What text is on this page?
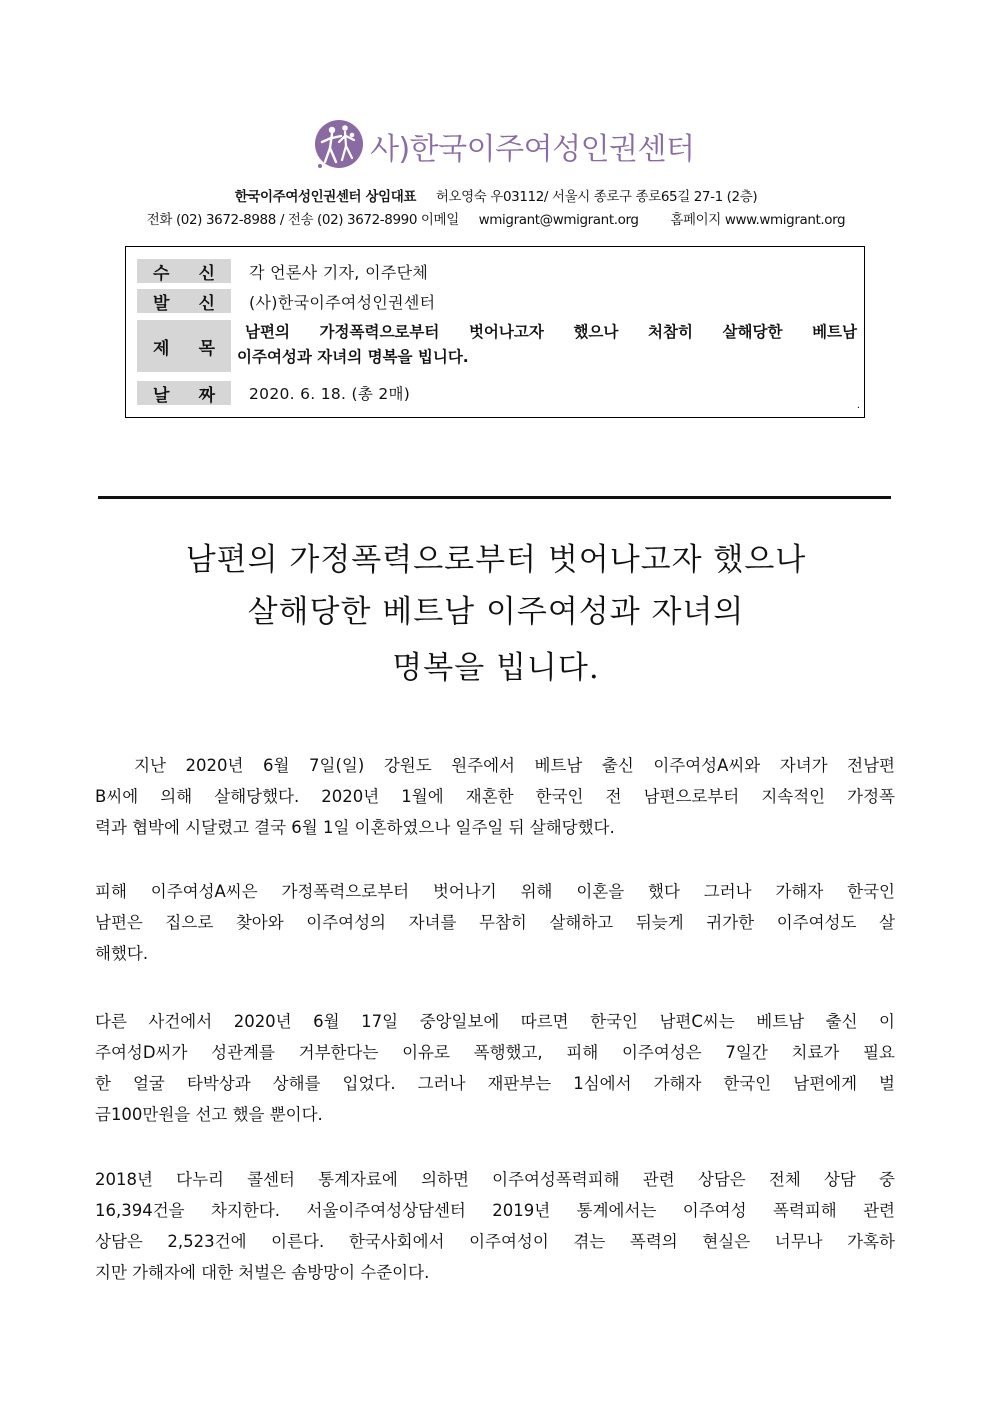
사)한국이주여성인권센터
한국이주여성인권센터 상임대표 허오영숙 우03112/ 서울시 종로구 종로65길 27-1 (2층)
전화 (02) 3672-8988 / 전송 (02) 3672-8990 이메일 wmigrant@wmigrant.org 홈페이지 www.wmigrant.org
수 신 각 언론사 기자, 이주단체
발 신 (사)한국이주여성인권센터
제 목
남편의 가정폭력으로부터 벗어나고자 했으나 처참히 살해당한 베트남
이주여성과 자녀의 명복을 빕니다.
날 짜 2020. 6. 18. (총 2매)
.
남편의 가정폭력으로부터 벗어나고자 했으나
살해당한 베트남 이주여성과 자녀의
명복을 빕니다.
지난 2020년 6월 7일(일) 강원도 원주에서 베트남 출신 이주여성A씨와 자녀가 전남편
B씨에 의해 살해당했다. 2020년 1월에 재혼한 한국인 전 남편으로부터 지속적인 가정폭
력과 협박에 시달렸고 결국 6월 1일 이혼하였으나 일주일 뒤 살해당했다.
피해 이주여성A씨은 가정폭력으로부터 벗어나기 위해 이혼을 했다 그러나 가해자 한국인
남편은 집으로 찾아와 이주여성의 자녀를 무참히 살해하고 뒤늦게 귀가한 이주여성도 살
해했다.
다른 사건에서 2020년 6월 17일 중앙일보에 따르면 한국인 남편C씨는 베트남 출신 이
주여성D씨가 성관계를 거부한다는 이유로 폭행했고, 피해 이주여성은 7일간 치료가 필요
한 얼굴 타박상과 상해를 입었다. 그러나 재판부는 1심에서 가해자 한국인 남편에게 벌
금100만원을 선고 했을 뿐이다.
2018년 다누리 콜센터 통계자료에 의하면 이주여성폭력피해 관련 상담은 전체 상담 중
16,394건을 차지한다. 서울이주여성상담센터 2019년 통계에서는 이주여성 폭력피해 관련
상담은 2,523건에 이른다. 한국사회에서 이주여성이 겪는 폭력의 현실은 너무나 가혹하
지만 가해자에 대한 처벌은 솜방망이 수준이다.
